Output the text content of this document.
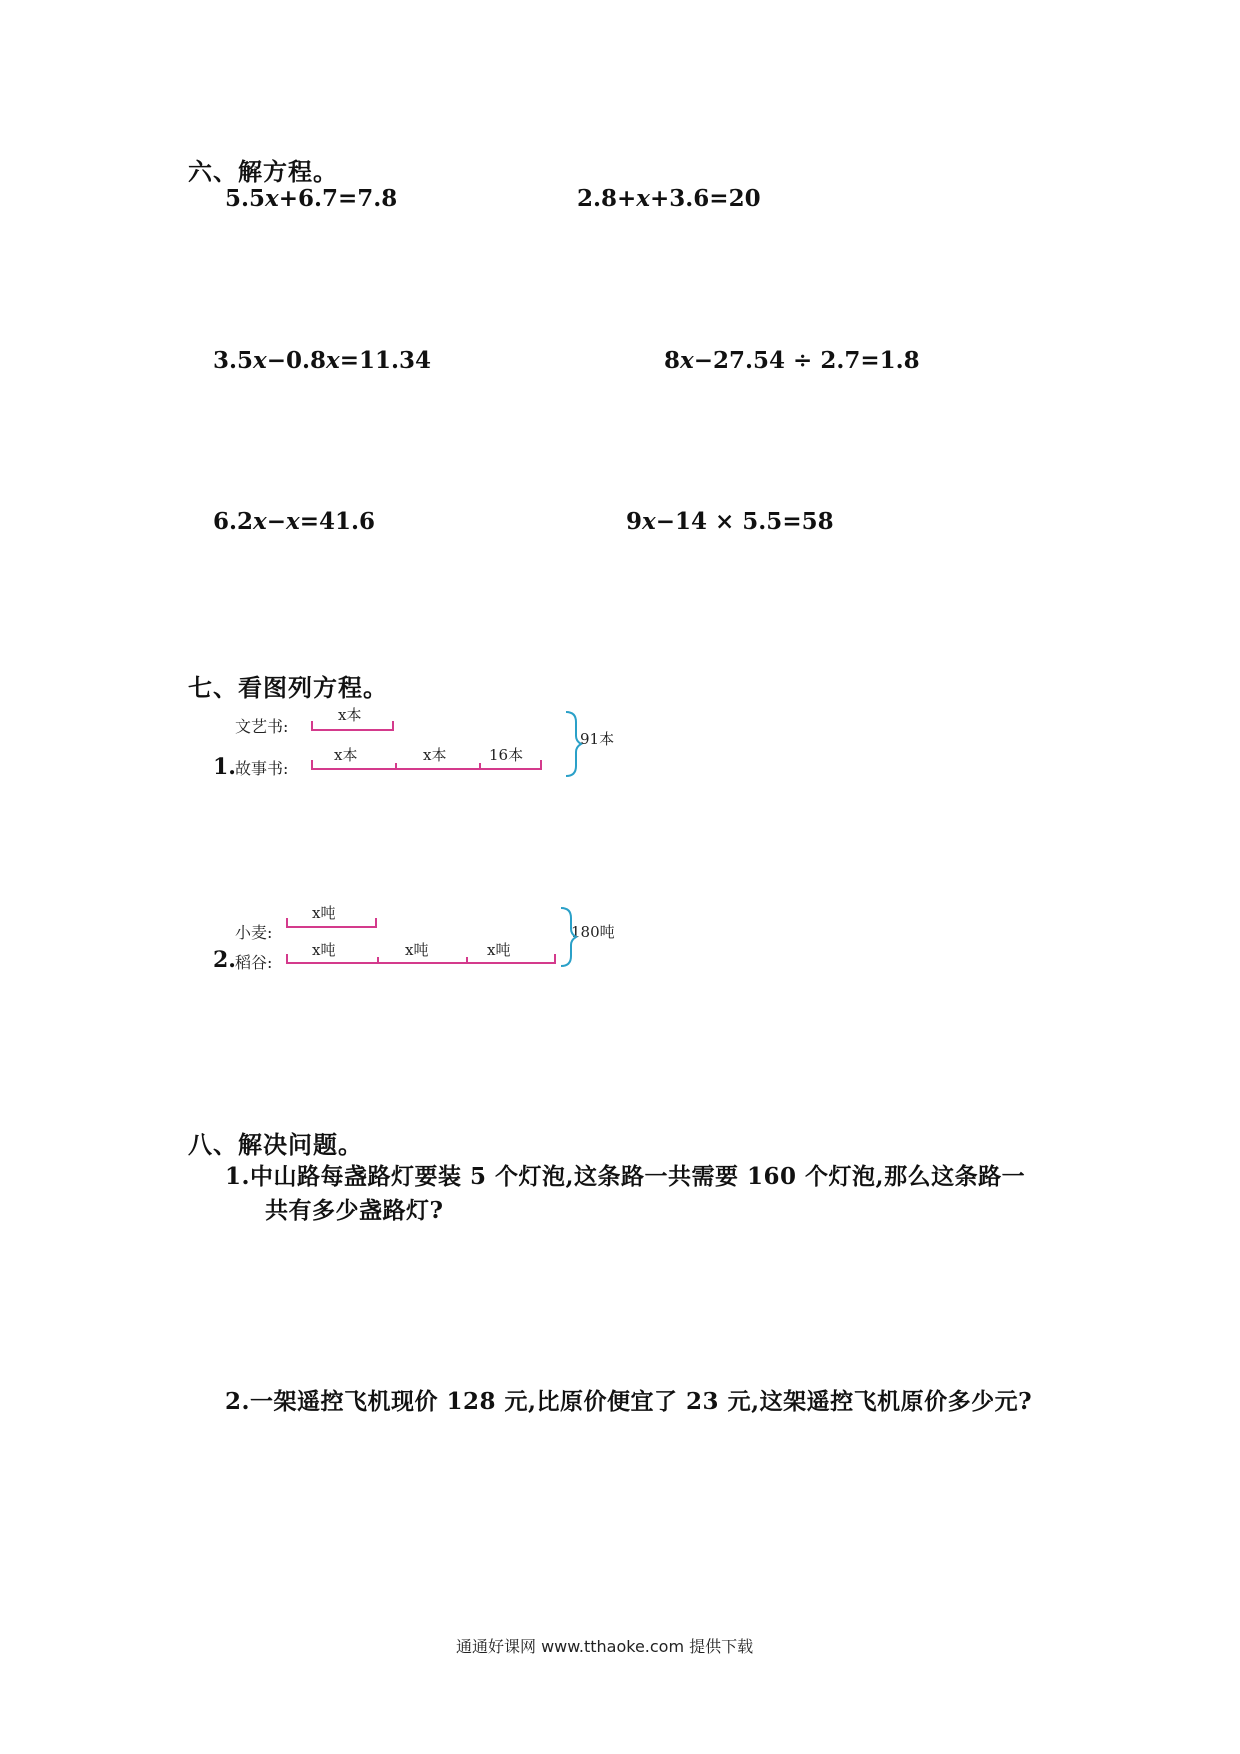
六、解方程。
5.5x+6.7=7.8	2.8+x+3.6=20
3.5x−0.8x=11.34	8x−27.54 ÷ 2.7=1.8
6.2x−x=41.6	9x−14 × 5.5=58
七、看图列方程。
文艺书:
1. 故事书:
x本
x本	x本	16本
91本
小麦:
2. 稻谷:
x吨
x吨	x吨	x吨
180吨
八、解决问题。
1.中山路每盏路灯要装 5 个灯泡,这条路一共需要 160 个灯泡,那么这条路一
共有多少盏路灯?
2.一架遥控飞机现价 128 元,比原价便宜了 23 元,这架遥控飞机原价多少元?
通通好课网 www.tthaoke.com 提供下载
